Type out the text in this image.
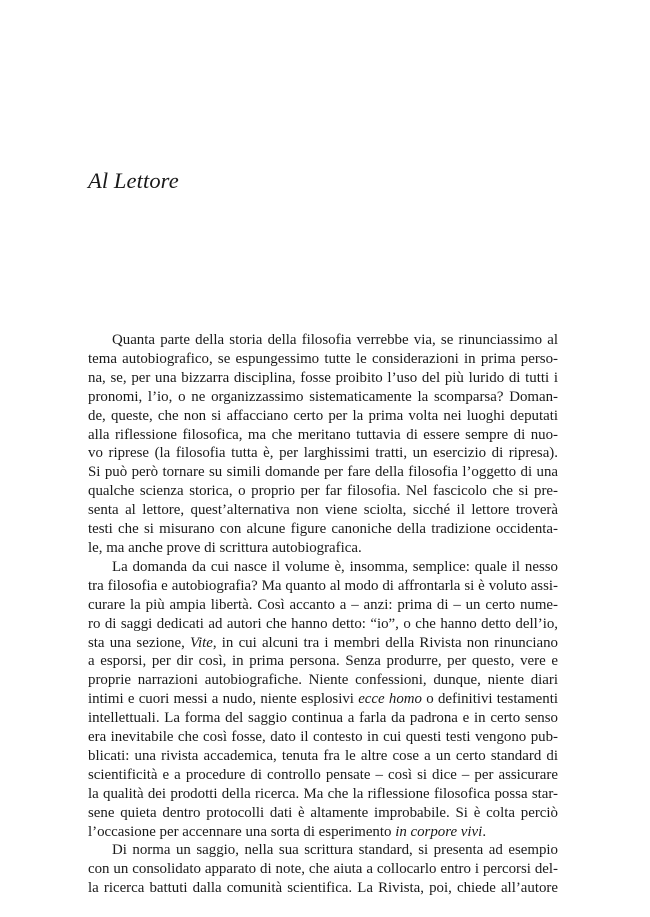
Al Lettore

Quanta parte della storia della filosofia verrebbe via, se rinunciassimo al
tema autobiografico, se espungessimo tutte le considerazioni in prima perso-
na, se, per una bizzarra disciplina, fosse proibito l’uso del più lurido di tutti i
pronomi, l’io, o ne organizzassimo sistematicamente la scomparsa? Doman-
de, queste, che non si affacciano certo per la prima volta nei luoghi deputati
alla riflessione filosofica, ma che meritano tuttavia di essere sempre di nuo-
vo riprese (la filosofia tutta è, per larghissimi tratti, un esercizio di ripresa).
Si può però tornare su simili domande per fare della filosofia l’oggetto di una
qualche scienza storica, o proprio per far filosofia. Nel fascicolo che si pre-
senta al lettore, quest’alternativa non viene sciolta, sicché il lettore troverà
testi che si misurano con alcune figure canoniche della tradizione occidenta-
le, ma anche prove di scrittura autobiografica.

La domanda da cui nasce il volume è, insomma, semplice: quale il nesso
tra filosofia e autobiografia? Ma quanto al modo di affrontarla si è voluto assi-
curare la più ampia libertà. Così accanto a – anzi: prima di – un certo nume-
ro di saggi dedicati ad autori che hanno detto: “io”, o che hanno detto dell’io,
sta una sezione, Vite, in cui alcuni tra i membri della Rivista non rinunciano
a esporsi, per dir così, in prima persona. Senza produrre, per questo, vere e
proprie narrazioni autobiografiche. Niente confessioni, dunque, niente diari
intimi e cuori messi a nudo, niente esplosivi ecce homo o definitivi testamenti
intellettuali. La forma del saggio continua a farla da padrona e in certo senso
era inevitabile che così fosse, dato il contesto in cui questi testi vengono pub-
blicati: una rivista accademica, tenuta fra le altre cose a un certo standard di
scientificità e a procedure di controllo pensate – così si dice – per assicurare
la qualità dei prodotti della ricerca. Ma che la riflessione filosofica possa star-
sene quieta dentro protocolli dati è altamente improbabile. Si è colta perciò
l’occasione per accennare una sorta di esperimento in corpore vivi.

Di norma un saggio, nella sua scrittura standard, si presenta ad esempio
con un consolidato apparato di note, che aiuta a collocarlo entro i percorsi del-
la ricerca battuti dalla comunità scientifica. La Rivista, poi, chiede all’autore
